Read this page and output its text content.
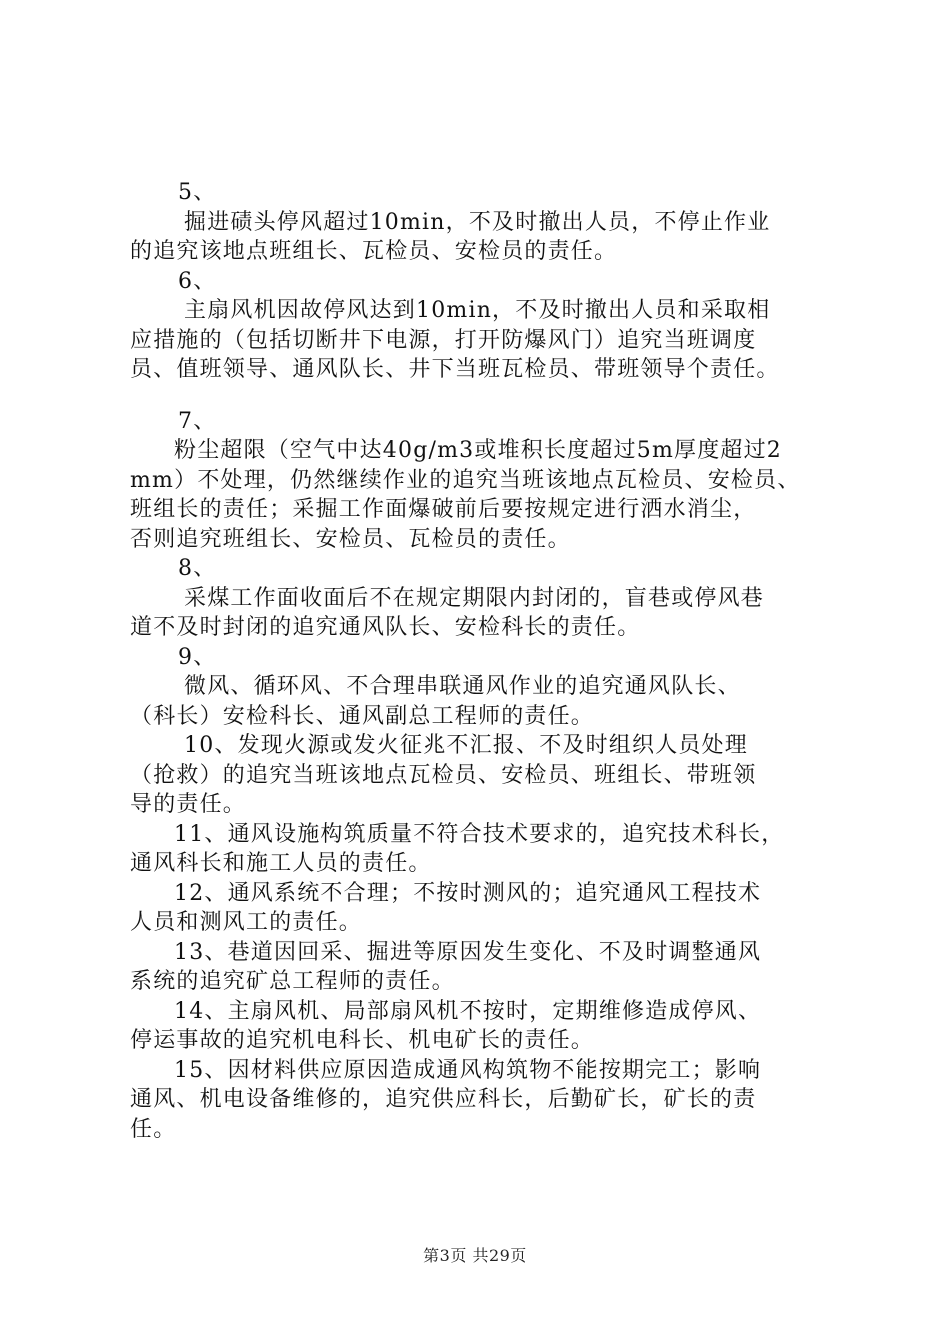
5、
掘进碛头停风超过10min，不及时撤出人员，不停止作业
的追究该地点班组长、瓦检员、安检员的责任。
6、
主扇风机因故停风达到10min，不及时撤出人员和采取相
应措施的（包括切断井下电源，打开防爆风门）追究当班调度
员、值班领导、通风队长、井下当班瓦检员、带班领导个责任。
7、
粉尘超限（空气中达40g/m3或堆积长度超过5m厚度超过2
mm）不处理，仍然继续作业的追究当班该地点瓦检员、安检员、
班组长的责任；采掘工作面爆破前后要按规定进行洒水消尘，
否则追究班组长、安检员、瓦检员的责任。
8、
采煤工作面收面后不在规定期限内封闭的，盲巷或停风巷
道不及时封闭的追究通风队长、安检科长的责任。
9、
微风、循环风、不合理串联通风作业的追究通风队长、
（科长）安检科长、通风副总工程师的责任。
10、发现火源或发火征兆不汇报、不及时组织人员处理
（抢救）的追究当班该地点瓦检员、安检员、班组长、带班领
导的责任。
11、通风设施构筑质量不符合技术要求的，追究技术科长，
通风科长和施工人员的责任。
12、通风系统不合理；不按时测风的；追究通风工程技术
人员和测风工的责任。
13、巷道因回采、掘进等原因发生变化、不及时调整通风
系统的追究矿总工程师的责任。
14、主扇风机、局部扇风机不按时，定期维修造成停风、
停运事故的追究机电科长、机电矿长的责任。
15、因材料供应原因造成通风构筑物不能按期完工；影响
通风、机电设备维修的，追究供应科长，后勤矿长，矿长的责
任。
第3页 共29页
